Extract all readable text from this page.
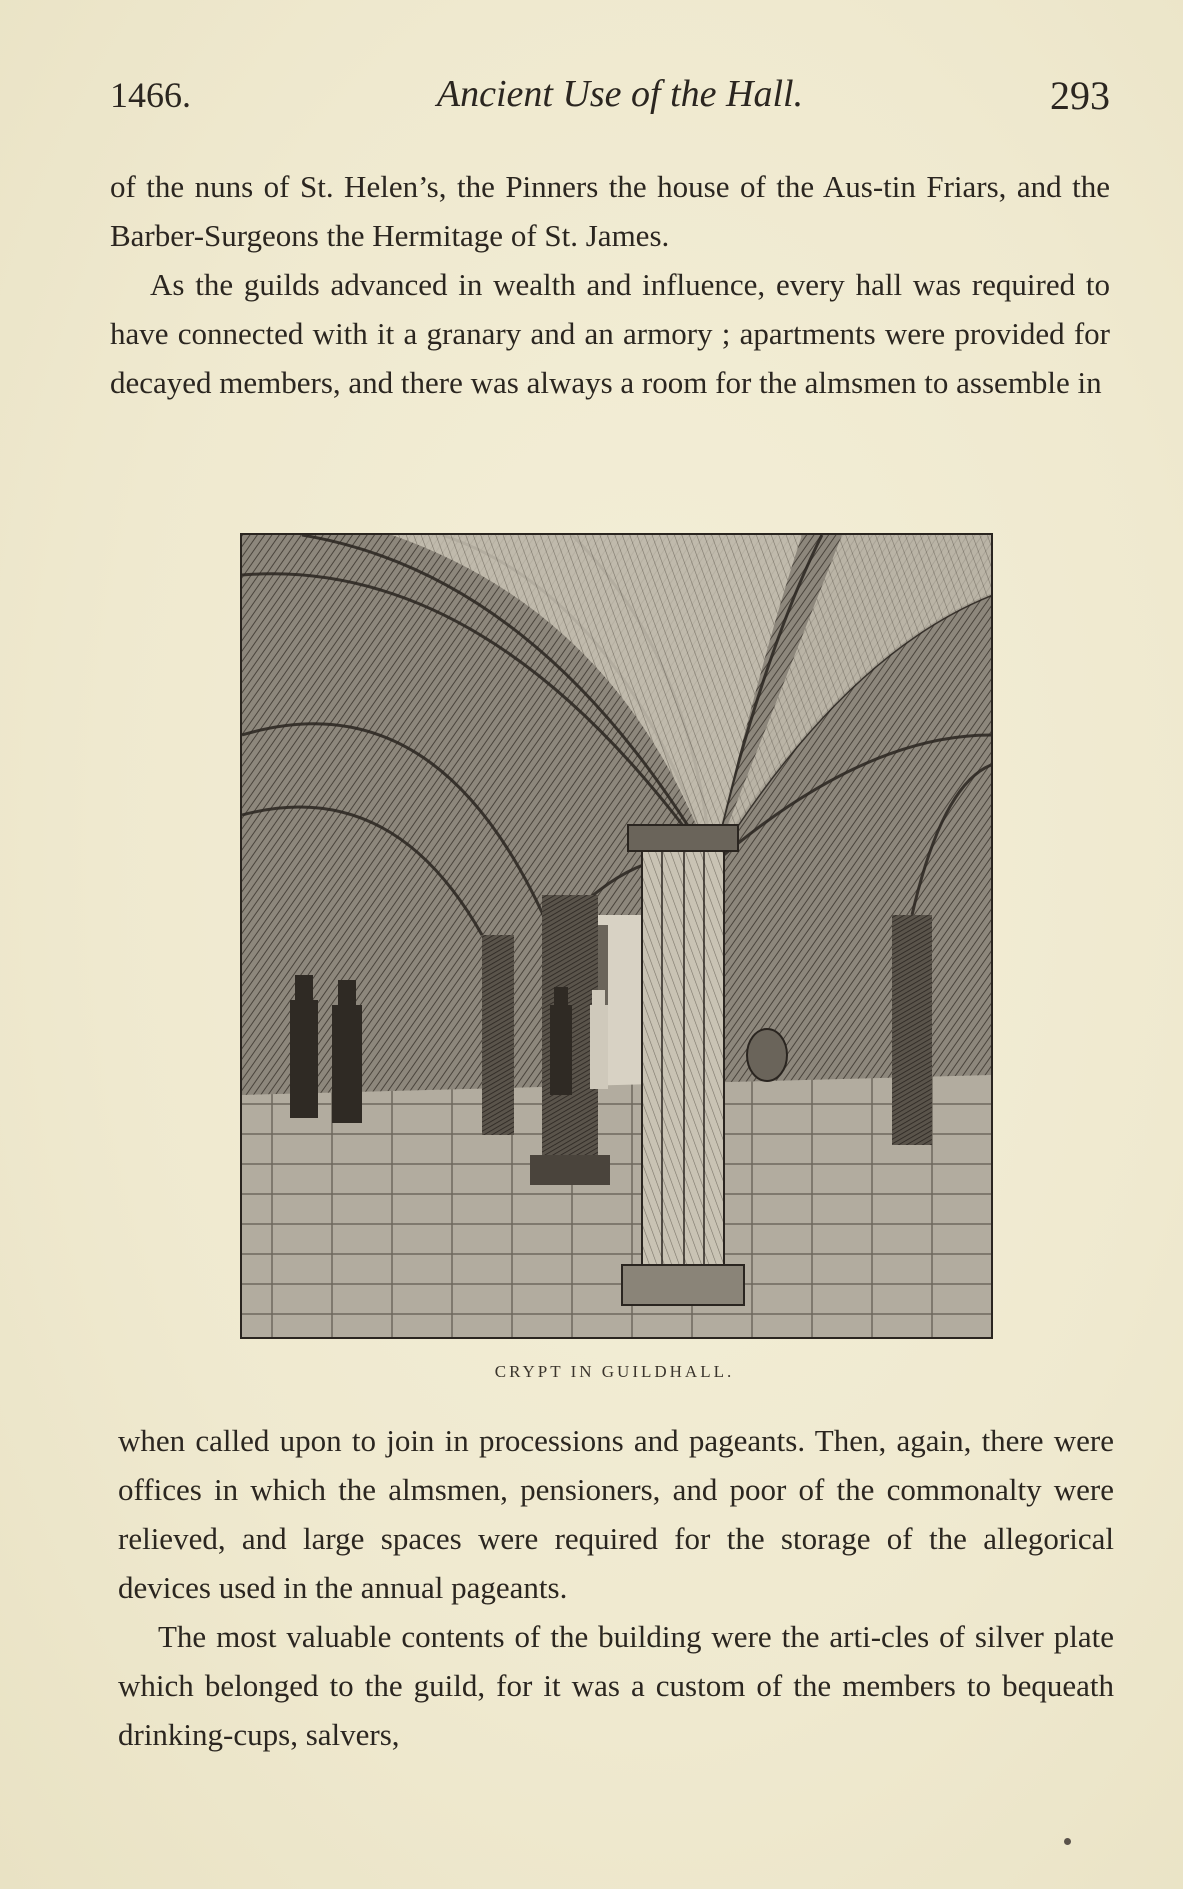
1466.	Ancient Use of the Hall.	293

of the nuns of St. Helen’s, the Pinners the house of the Aus-tin Friars, and the Barber-Surgeons the Hermitage of St. James.

As the guilds advanced in wealth and influence, every hall was required to have connected with it a granary and an armory ; apartments were provided for decayed members, and there was always a room for the almsmen to assemble in

CRYPT IN GUILDHALL.

when called upon to join in processions and pageants. Then, again, there were offices in which the almsmen, pensioners, and poor of the commonalty were relieved, and large spaces were required for the storage of the allegorical devices used in the annual pageants.

The most valuable contents of the building were the arti-cles of silver plate which belonged to the guild, for it was a custom of the members to bequeath drinking-cups, salvers,
